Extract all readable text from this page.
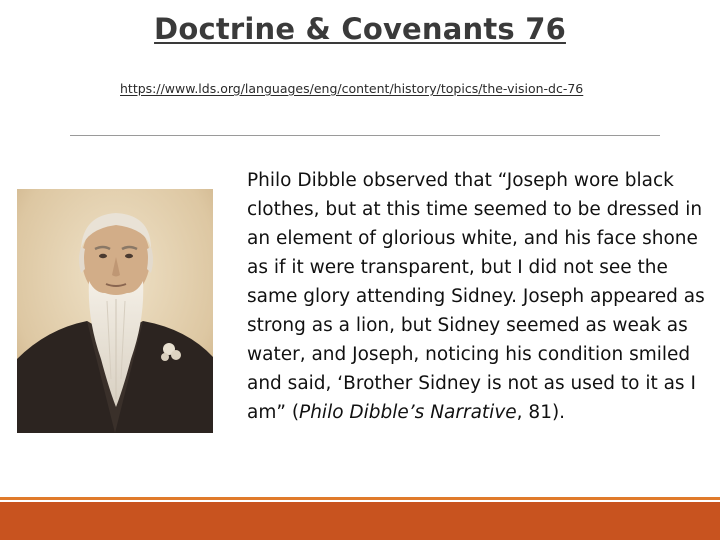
Doctrine & Covenants 76
https://www.lds.org/languages/eng/content/history/topics/the-vision-dc-76
Philo Dibble observed that “Joseph wore black clothes, but at this time seemed to be dressed in an element of glorious white, and his face shone as if it were transparent, but I did not see the same glory attending Sidney. Joseph appeared as strong as a lion, but Sidney seemed as weak as water, and Joseph, noticing his condition smiled and said, ‘Brother Sidney is not as used to it as I am” (Philo Dibble’s Narrative, 81).
